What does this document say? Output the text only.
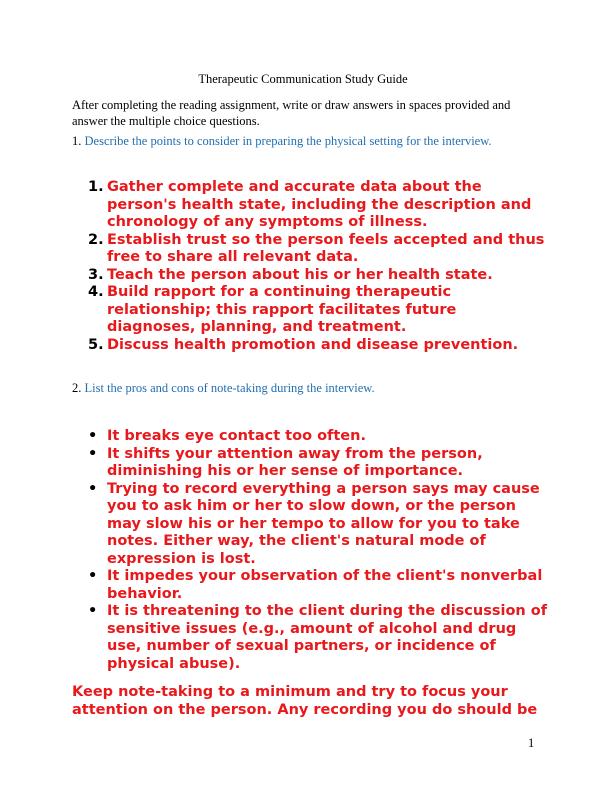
Therapeutic Communication Study Guide
After completing the reading assignment, write or draw answers in spaces provided and answer the multiple choice questions.
1. Describe the points to consider in preparing the physical setting for the interview.
1. Gather complete and accurate data about the person's health state, including the description and chronology of any symptoms of illness.
2. Establish trust so the person feels accepted and thus free to share all relevant data.
3. Teach the person about his or her health state.
4. Build rapport for a continuing therapeutic relationship; this rapport facilitates future diagnoses, planning, and treatment.
5. Discuss health promotion and disease prevention.
2. List the pros and cons of note-taking during the interview.
• It breaks eye contact too often.
• It shifts your attention away from the person, diminishing his or her sense of importance.
• Trying to record everything a person says may cause you to ask him or her to slow down, or the person may slow his or her tempo to allow for you to take notes. Either way, the client's natural mode of expression is lost.
• It impedes your observation of the client's nonverbal behavior.
• It is threatening to the client during the discussion of sensitive issues (e.g., amount of alcohol and drug use, number of sexual partners, or incidence of physical abuse).
Keep note-taking to a minimum and try to focus your attention on the person. Any recording you do should be
1
